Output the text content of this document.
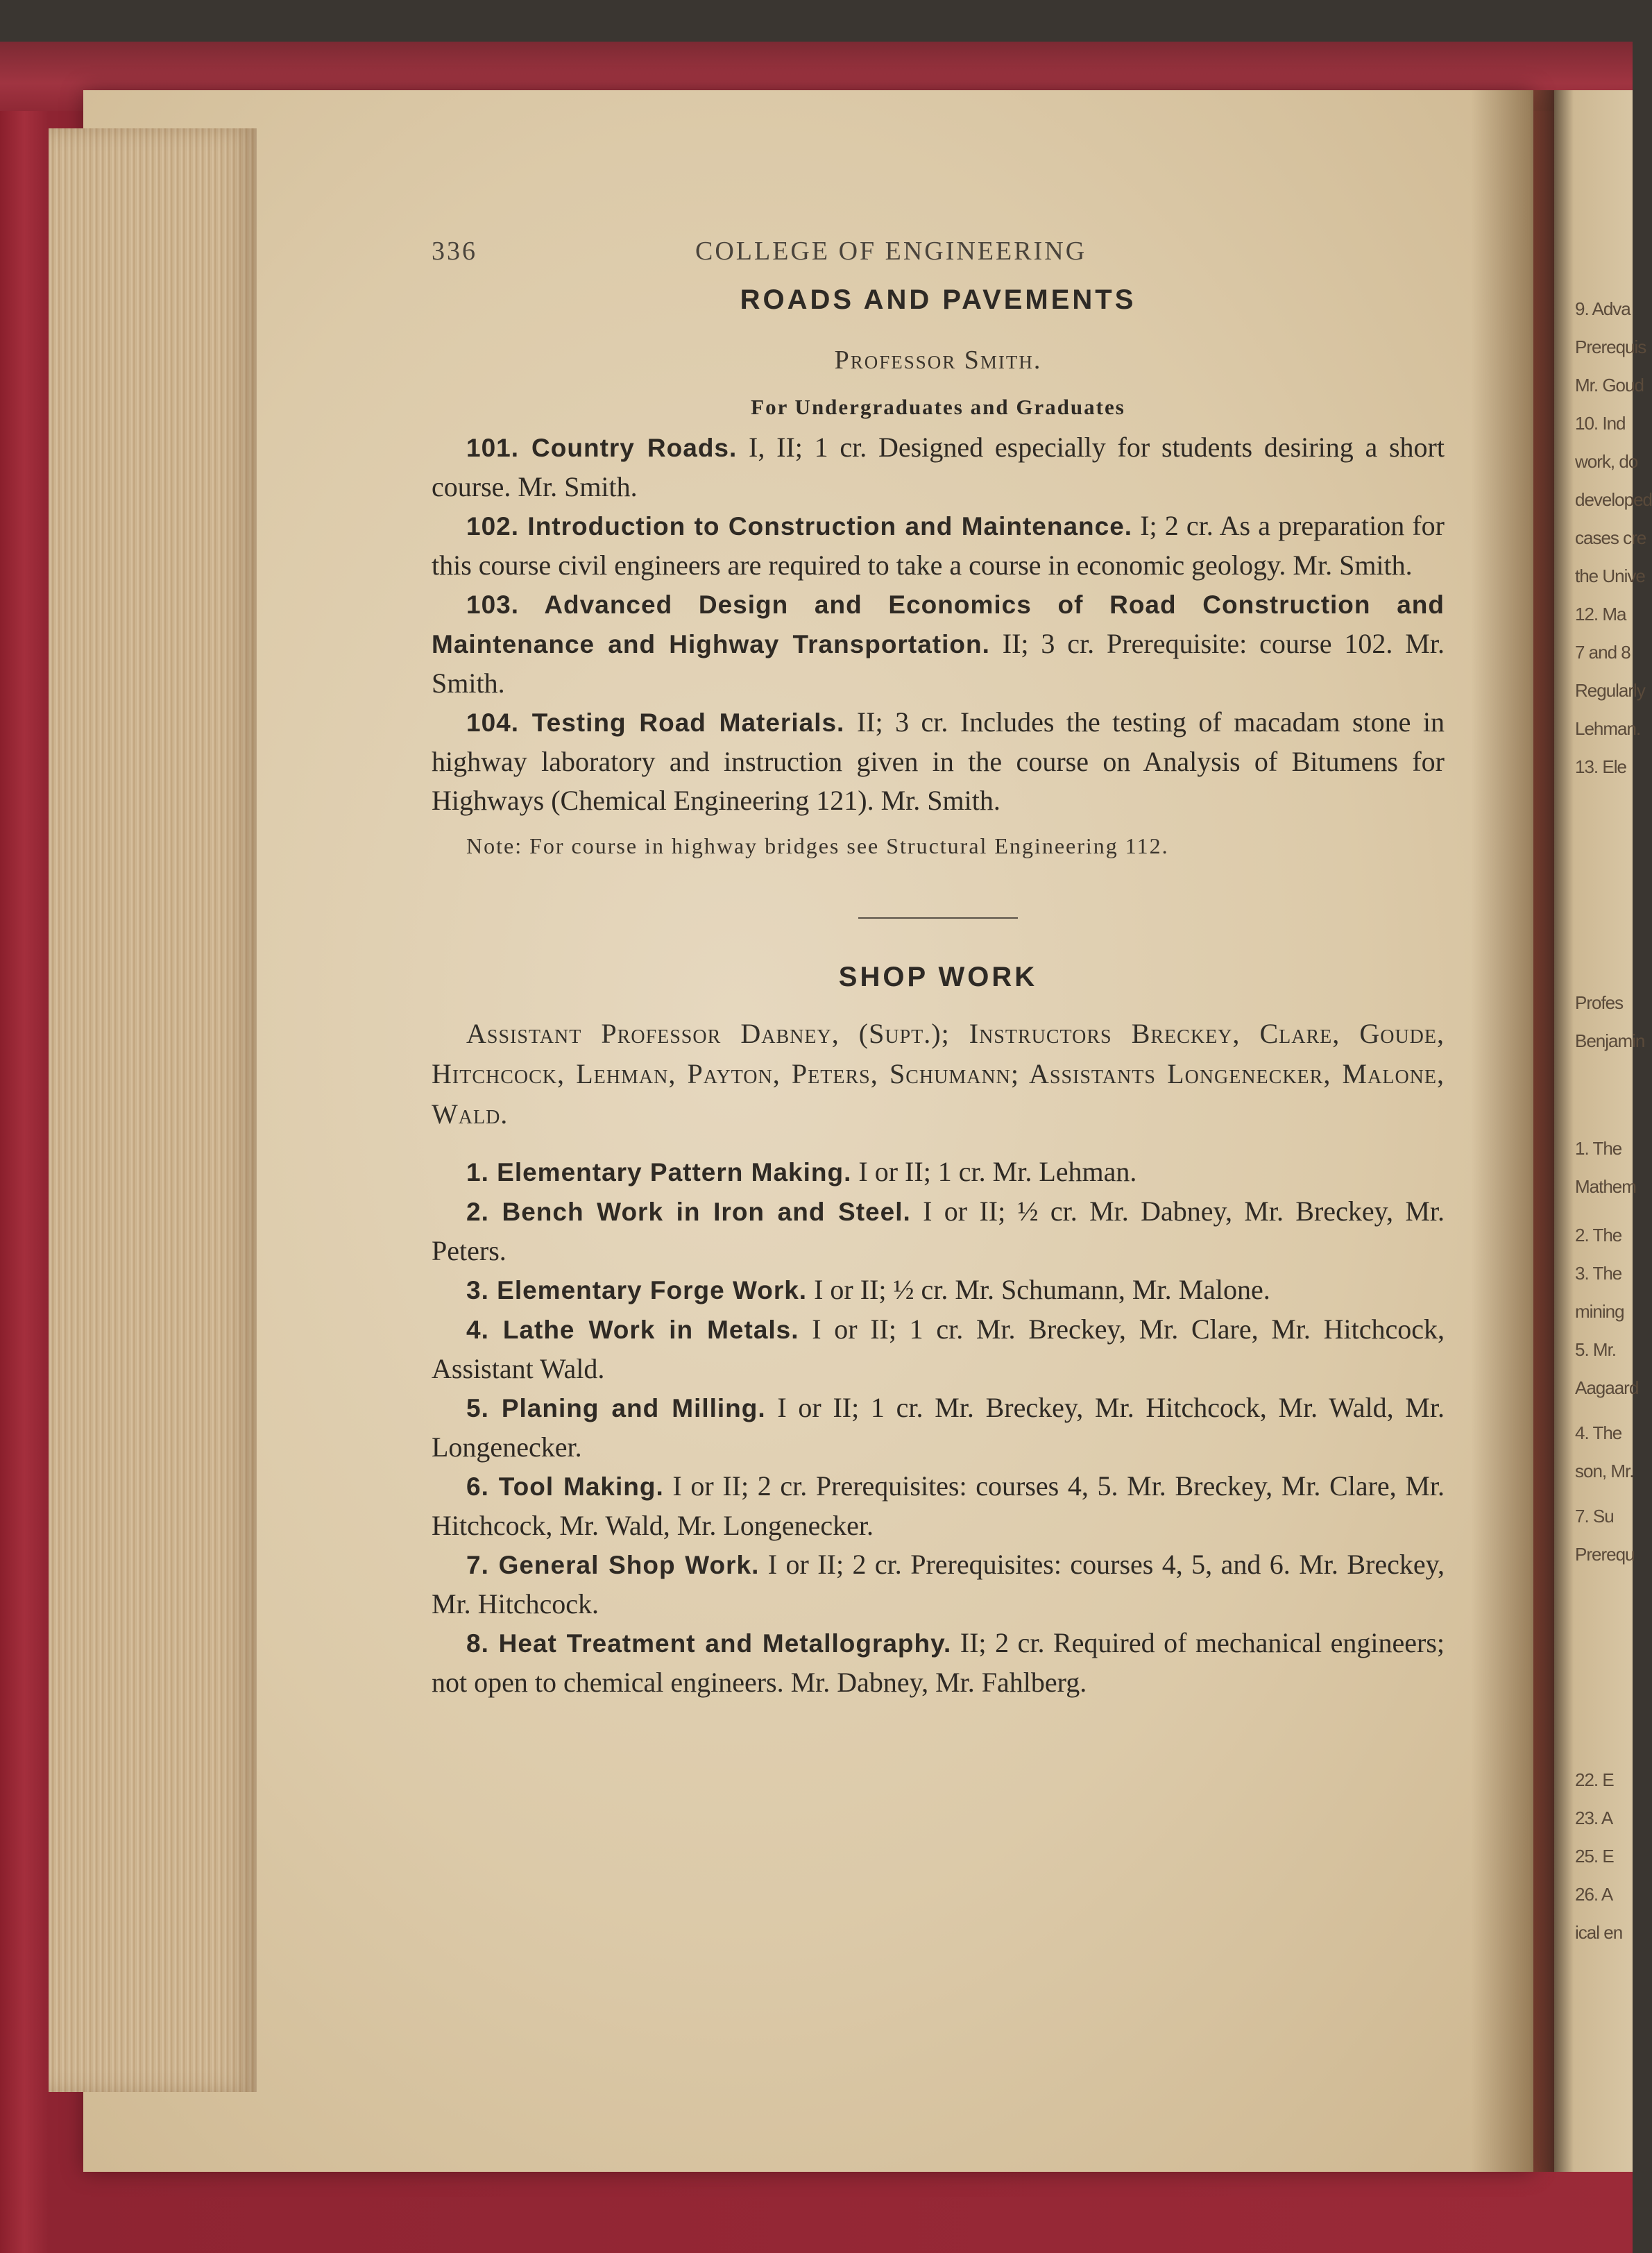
9. Adva
Prerequis
Mr. Goud
10. Ind
work, do
developed
cases cre
the Unive
12. Ma
7 and 8
Regularly
Lehman.
13. Ele
Profes
Benjamin
1. The
Mathem
2. The
3. The
mining
5. Mr.
Aagaard
4. The
son, Mr.
7. Su
Prerequ
22. E
23. A
25. E
26. A
ical en
336	COLLEGE OF ENGINEERING
ROADS AND PAVEMENTS
Professor Smith.
For Undergraduates and Graduates

101. Country Roads. I, II; 1 cr. Designed especially for students desiring a short course. Mr. Smith.

102. Introduction to Construction and Maintenance. I; 2 cr. As a preparation for this course civil engineers are required to take a course in economic geology. Mr. Smith.

103. Advanced Design and Economics of Road Construction and Maintenance and Highway Transportation. II; 3 cr. Prerequisite: course 102. Mr. Smith.

104. Testing Road Materials. II; 3 cr. Includes the testing of macadam stone in highway laboratory and instruction given in the course on Analysis of Bitumens for Highways (Chemical Engineering 121). Mr. Smith.

Note: For course in highway bridges see Structural Engineering 112.
SHOP WORK
Assistant Professor Dabney, (Supt.); Instructors Breckey, Clare, Goude, Hitchcock, Lehman, Payton, Peters, Schumann; Assistants Longenecker, Malone, Wald.

1. Elementary Pattern Making. I or II; 1 cr. Mr. Lehman.

2. Bench Work in Iron and Steel. I or II; ½ cr. Mr. Dabney, Mr. Breckey, Mr. Peters.

3. Elementary Forge Work. I or II; ½ cr. Mr. Schumann, Mr. Malone.

4. Lathe Work in Metals. I or II; 1 cr. Mr. Breckey, Mr. Clare, Mr. Hitchcock, Assistant Wald.

5. Planing and Milling. I or II; 1 cr. Mr. Breckey, Mr. Hitchcock, Mr. Wald, Mr. Longenecker.

6. Tool Making. I or II; 2 cr. Prerequisites: courses 4, 5. Mr. Breckey, Mr. Clare, Mr. Hitchcock, Mr. Wald, Mr. Longenecker.

7. General Shop Work. I or II; 2 cr. Prerequisites: courses 4, 5, and 6. Mr. Breckey, Mr. Hitchcock.

8. Heat Treatment and Metallography. II; 2 cr. Required of mechanical engineers; not open to chemical engineers. Mr. Dabney, Mr. Fahlberg.
